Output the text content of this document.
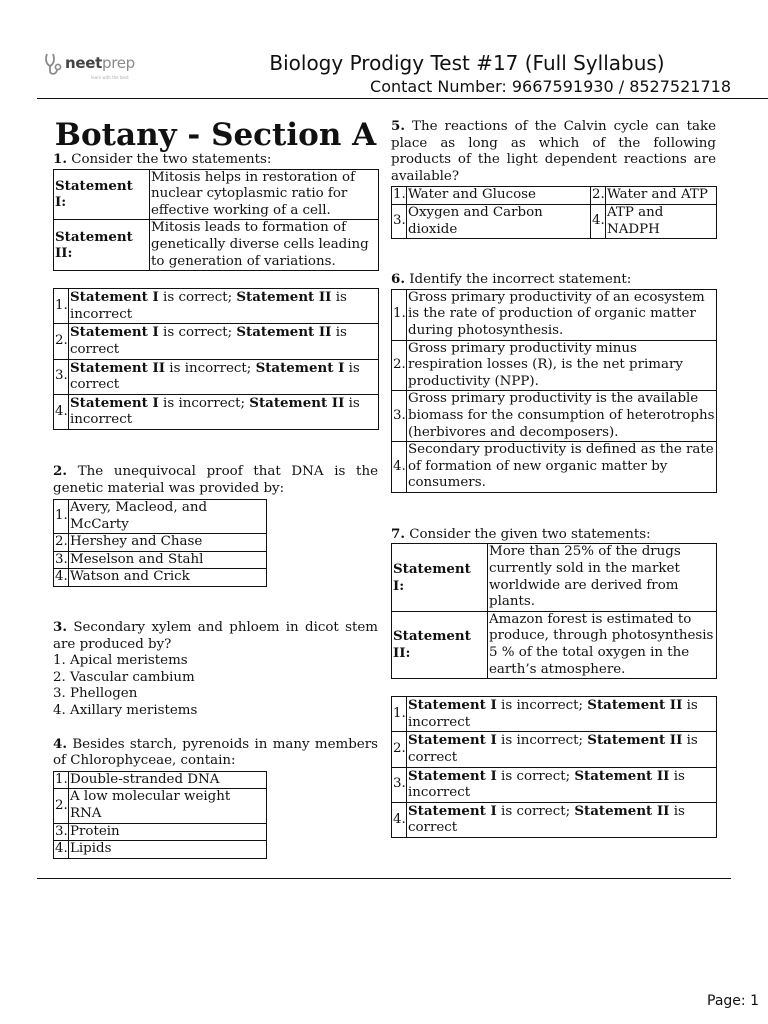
neetprep
learn with the best
Biology Prodigy Test #17 (Full Syllabus)
Contact Number: 9667591930 / 8527521718
Botany - Section A

1. Consider the two statements:

Statement I:	Mitosis helps in restoration of nuclear cytoplasmic ratio for effective working of a cell.
Statement II:	Mitosis leads to formation of genetically diverse cells leading to generation of variations.
1.	Statement I is correct; Statement II is incorrect
2.	Statement I is correct; Statement II is correct
3.	Statement II is incorrect; Statement I is correct
4.	Statement I is incorrect; Statement II is incorrect

2. The unequivocal proof that DNA is the genetic material was provided by:

1.	Avery, Macleod, and McCarty
2.	Hershey and Chase
3.	Meselson and Stahl
4.	Watson and Crick

3. Secondary xylem and phloem in dicot stem are produced by?

1. Apical meristems
2. Vascular cambium
3. Phellogen
4. Axillary meristems

4. Besides starch, pyrenoids in many members of Chlorophyceae, contain:

1.	Double-stranded DNA
2.	A low molecular weight RNA
3.	Protein
4.	Lipids

5. The reactions of the Calvin cycle can take place as long as which of the following products of the light dependent reactions are available?

1.	Water and Glucose	2.	Water and ATP
3.	Oxygen and Carbon dioxide	4.	ATP and NADPH

6. Identify the incorrect statement:

1.	Gross primary productivity of an ecosystem is the rate of production of organic matter during photosynthesis.
2.	Gross primary productivity minus respiration losses (R), is the net primary productivity (NPP).
3.	Gross primary productivity is the available biomass for the consumption of heterotrophs (herbivores and decomposers).
4.	Secondary productivity is defined as the rate of formation of new organic matter by consumers.

7. Consider the given two statements:

Statement I:	More than 25% of the drugs currently sold in the market worldwide are derived from plants.
Statement II:	Amazon forest is estimated to produce, through photosynthesis 5 % of the total oxygen in the earth’s atmosphere.
1.	Statement I is incorrect; Statement II is incorrect
2.	Statement I is incorrect; Statement II is correct
3.	Statement I is correct; Statement II is incorrect
4.	Statement I is correct; Statement II is correct
Page: 1
